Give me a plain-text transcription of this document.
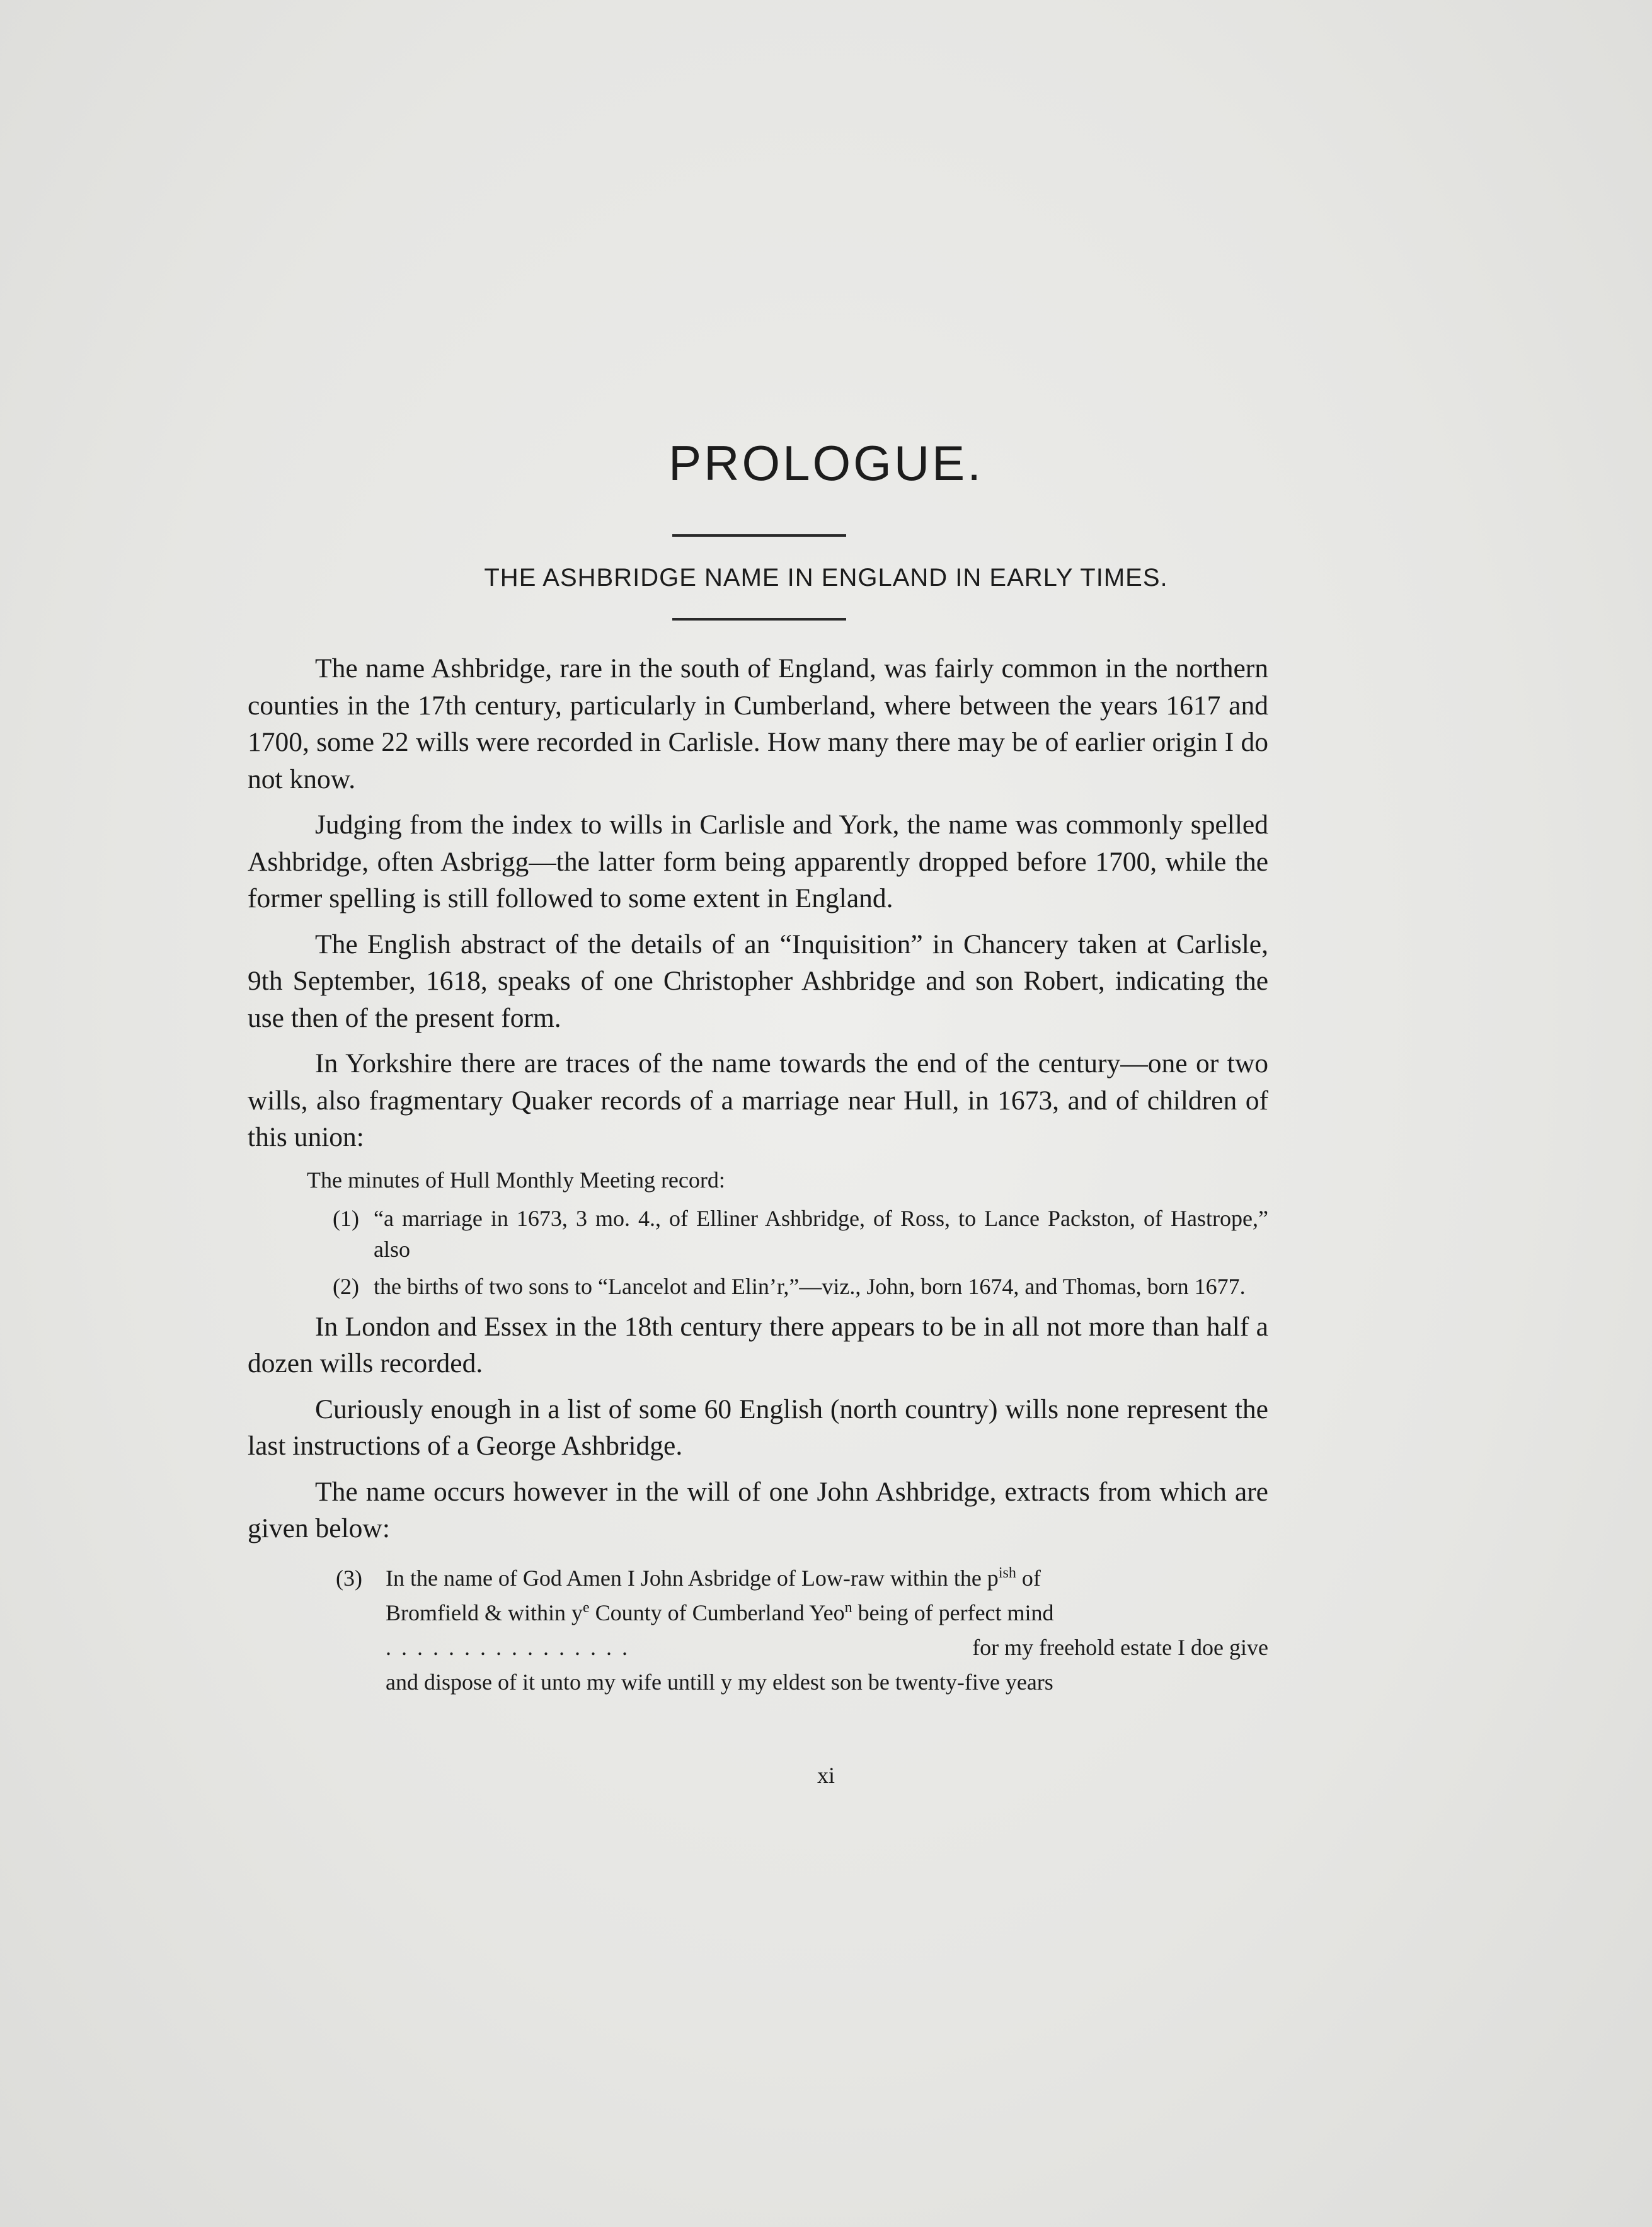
PROLOGUE.
THE ASHBRIDGE NAME IN ENGLAND IN EARLY TIMES.

The name Ashbridge, rare in the south of England, was fairly common in the northern counties in the 17th century, particularly in Cumberland, where between the years 1617 and 1700, some 22 wills were recorded in Carlisle. How many there may be of earlier origin I do not know.

Judging from the index to wills in Carlisle and York, the name was commonly spelled Ashbridge, often Asbrigg—the latter form being apparently dropped before 1700, while the former spelling is still followed to some extent in England.

The English abstract of the details of an “Inquisition” in Chancery taken at Carlisle, 9th September, 1618, speaks of one Christopher Ashbridge and son Robert, indicating the use then of the present form.

In Yorkshire there are traces of the name towards the end of the century—one or two wills, also fragmentary Quaker records of a marriage near Hull, in 1673, and of children of this union:

The minutes of Hull Monthly Meeting record:
(1) “a marriage in 1673, 3 mo. 4., of Elliner Ashbridge, of Ross, to Lance Packston, of Hastrope,” also
(2) the births of two sons to “Lancelot and Elin’r,”—viz., John, born 1674, and Thomas, born 1677.

In London and Essex in the 18th century there appears to be in all not more than half a dozen wills recorded.

Curiously enough in a list of some 60 English (north country) wills none represent the last instructions of a George Ashbridge.

The name occurs however in the will of one John Ashbridge, extracts from which are given below:

(3) In the name of God Amen I John Asbridge of Low-raw within the $p^{ish}$ of
Bromfield & within $y^e$ County of Cumberland Yeo$^n$ being of perfect mind
................	for my freehold estate I doe give
and dispose of it unto my wife untill y my eldest son be twenty-five years
xi
